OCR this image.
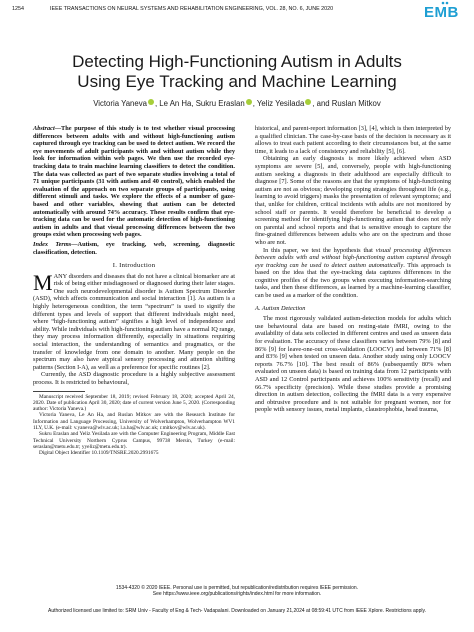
1254	IEEE TRANSACTIONS ON NEURAL SYSTEMS AND REHABILITATION ENGINEERING, VOL. 28, NO. 6, JUNE 2020	EMB
Detecting High-Functioning Autism in Adults
Using Eye Tracking and Machine Learning
Victoria Yaneva , Le An Ha, Sukru Eraslan , Yeliz Yesilada , and Ruslan Mitkov

Abstract—The purpose of this study is to test whether visual processing differences between adults with and without high-functioning autism captured through eye tracking can be used to detect autism. We record the eye movements of adult participants with and without autism while they look for information within web pages. We then use the recorded eye-tracking data to train machine learning classifiers to detect the condition. The data was collected as part of two separate studies involving a total of 71 unique participants (31 with autism and 40 control), which enabled the evaluation of the approach on two separate groups of participants, using different stimuli and tasks. We explore the effects of a number of gaze-based and other variables, showing that autism can be detected automatically with around 74% accuracy. These results confirm that eye-tracking data can be used for the automatic detection of high-functioning autism in adults and that visual processing differences between the two groups exist when processing web pages.

Index Terms—Autism, eye tracking, web, screening, diagnostic classification, detection.

I. Introduction

MANY disorders and diseases that do not have a clinical biomarker are at risk of being either misdiagnosed or diagnosed during their later stages. One such neurodevelopmental disorder is Autism Spectrum Disorder (ASD), which affects communication and social interaction [1]. As autism is a highly heterogeneous condition, the term “spectrum” is used to signify the different types and levels of support that different individuals might need, where “high-functioning autism” signifies a high level of independence and ability. While individuals with high-functioning autism have a normal IQ range, they may process information differently, especially in situations requiring social interaction, the understanding of semantics and pragmatics, or the transfer of knowledge from one domain to another. Many people on the spectrum may also have atypical sensory processing and attention shifting patterns (Section I-A), as well as a preference for specific routines [2].

Currently, the ASD diagnostic procedure is a highly subjective assessment process. It is restricted to behavioural,

Manuscript received September 18, 2019; revised February 18, 2020; accepted April 24, 2020. Date of publication April 30, 2020; date of current version June 5, 2020. (Corresponding author: Victoria Yaneva.)

Victoria Yaneva, Le An Ha, and Ruslan Mitkov are with the Research Institute for Information and Language Processing, University of Wolverhampton, Wolverhampton WV1 1LY, U.K. (e-mail: v.yaneva@wlv.ac.uk; l.a.ha@wlv.ac.uk; r.mitkov@wlv.ac.uk).

Sukru Eraslan and Yeliz Yesilada are with the Computer Engineering Program, Middle East Technical University Northern Cyprus Campus, 99738 Mersin, Turkey (e-mail: seraslan@metu.edu.tr; yyeliz@metu.edu.tr).

Digital Object Identifier 10.1109/TNSRE.2020.2991675

historical, and parent-report information [3], [4], which is then interpreted by a qualified clinician. The case-by-case basis of the decision is necessary as it allows to treat each patient according to their circumstances but, at the same time, it leads to a lack of consistency and reliability [5], [6].

Obtaining an early diagnosis is more likely achieved when ASD symptoms are severe [5], and, conversely, people with high-functioning autism seeking a diagnosis in their adulthood are especially difficult to diagnose [7]. Some of the reasons are that the symptoms of high-functioning autism are not as obvious; developing coping strategies throughout life (e.g., learning to avoid triggers) masks the presentation of relevant symptoms; and that, unlike for children, critical incidents with adults are not monitored by school staff or parents. It would therefore be beneficial to develop a screening method for identifying high-functioning autism that does not rely on parental and school reports and that is sensitive enough to capture the fine-grained differences between adults who are on the spectrum and those who are not.

In this paper, we test the hypothesis that visual processing differences between adults with and without high-functioning autism captured through eye tracking can be used to detect autism automatically. This approach is based on the idea that the eye-tracking data captures differences in the cognitive profiles of the two groups when executing information-searching tasks, and then these differences, as learned by a machine-learning classifier, can be used as a marker of the condition.

A. Autism Detection

The most rigorously validated autism-detection models for adults which use behavioural data are based on resting-state fMRI, owing to the availability of data sets collected in different centres and used as unseen data for evaluation. The accuracy of these classifiers varies between 79% [8] and 86% [9] for leave-one-out cross-validation (LOOCV) and between 71% [8] and 83% [9] when tested on unseen data. Another study using only LOOCV reports 76.7% [10]. The best result of 86% (subsequently 80% when evaluated on unseen data) is based on training data from 12 participants with ASD and 12 Control participants and achieves 100% sensitivity (recall) and 66.7% specificity (precision). While these studies provide a promising direction in autism detection, collecting the fMRI data is a very expensive and obtrusive procedure and is not suitable for pregnant women, nor for people with sensory issues, metal implants, claustrophobia, head trauma,

1534-4320 © 2020 IEEE. Personal use is permitted, but republication/redistribution requires IEEE permission.
See https://www.ieee.org/publications/rights/index.html for more information.
Authorized licensed use limited to: SRM Univ - Faculty of Eng & Tech- Vadapalani. Downloaded on January 21,2024 at 08:59:41 UTC from IEEE Xplore. Restrictions apply.
